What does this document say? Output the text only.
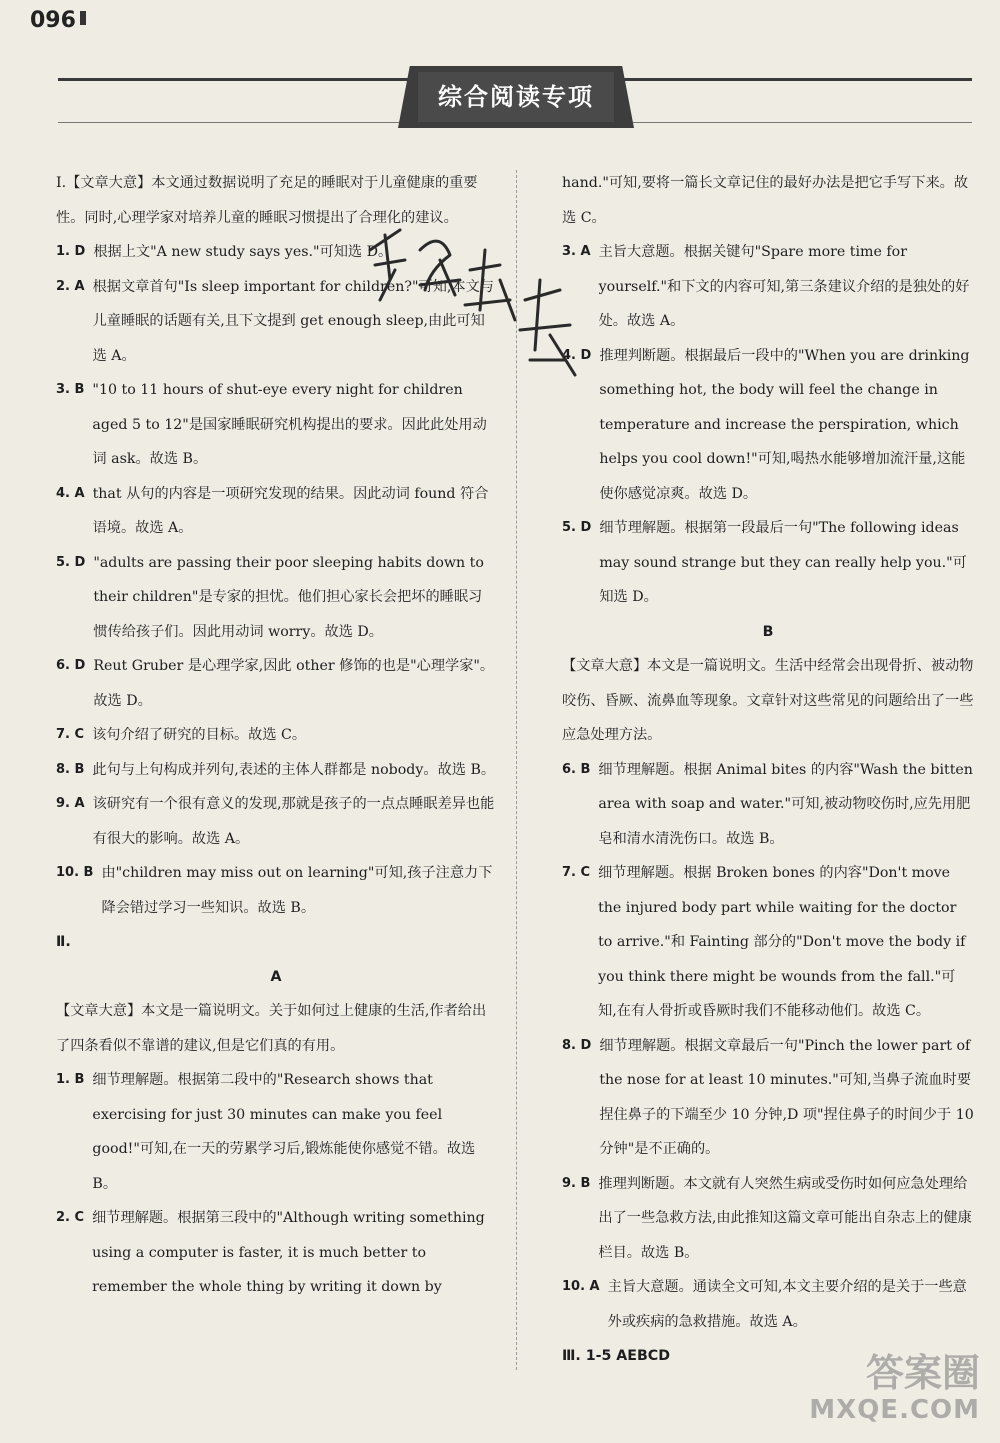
096
综合阅读专项

Ⅰ.【文章大意】本文通过数据说明了充足的睡眠对于儿童健康的重要性。同时,心理学家对培养儿童的睡眠习惯提出了合理化的建议。

1. D 根据上文"A new study says yes."可知选 D。
2. A 根据文章首句"Is sleep important for children?"可知,本文与儿童睡眠的话题有关,且下文提到 get enough sleep,由此可知选 A。
3. B "10 to 11 hours of shut-eye every night for children aged 5 to 12"是国家睡眠研究机构提出的要求。因此此处用动词 ask。故选 B。
4. A that 从句的内容是一项研究发现的结果。因此动词 found 符合语境。故选 A。
5. D "adults are passing their poor sleeping habits down to their children"是专家的担忧。他们担心家长会把坏的睡眠习惯传给孩子们。因此用动词 worry。故选 D。
6. D Reut Gruber 是心理学家,因此 other 修饰的也是"心理学家"。故选 D。
7. C 该句介绍了研究的目标。故选 C。
8. B 此句与上句构成并列句,表述的主体人群都是 nobody。故选 B。
9. A 该研究有一个很有意义的发现,那就是孩子的一点点睡眠差异也能有很大的影响。故选 A。
10. B 由"children may miss out on learning"可知,孩子注意力下降会错过学习一些知识。故选 B。

Ⅱ.

A

【文章大意】本文是一篇说明文。关于如何过上健康的生活,作者给出了四条看似不靠谱的建议,但是它们真的有用。

1. B 细节理解题。根据第二段中的"Research shows that exercising for just 30 minutes can make you feel good!"可知,在一天的劳累学习后,锻炼能使你感觉不错。故选 B。
2. C 细节理解题。根据第三段中的"Although writing something using a computer is faster, it is much better to remember the whole thing by writing it down by

hand."可知,要将一篇长文章记住的最好办法是把它手写下来。故选 C。

3. A 主旨大意题。根据关键句"Spare more time for yourself."和下文的内容可知,第三条建议介绍的是独处的好处。故选 A。
4. D 推理判断题。根据最后一段中的"When you are drinking something hot, the body will feel the change in temperature and increase the perspiration, which helps you cool down!"可知,喝热水能够增加流汗量,这能使你感觉凉爽。故选 D。
5. D 细节理解题。根据第一段最后一句"The following ideas may sound strange but they can really help you."可知选 D。

B

【文章大意】本文是一篇说明文。生活中经常会出现骨折、被动物咬伤、昏厥、流鼻血等现象。文章针对这些常见的问题给出了一些应急处理方法。

6. B 细节理解题。根据 Animal bites 的内容"Wash the bitten area with soap and water."可知,被动物咬伤时,应先用肥皂和清水清洗伤口。故选 B。
7. C 细节理解题。根据 Broken bones 的内容"Don't move the injured body part while waiting for the doctor to arrive."和 Fainting 部分的"Don't move the body if you think there might be wounds from the fall."可知,在有人骨折或昏厥时我们不能移动他们。故选 C。
8. D 细节理解题。根据文章最后一句"Pinch the lower part of the nose for at least 10 minutes."可知,当鼻子流血时要捏住鼻子的下端至少 10 分钟,D 项"捏住鼻子的时间少于 10 分钟"是不正确的。
9. B 推理判断题。本文就有人突然生病或受伤时如何应急处理给出了一些急救方法,由此推知这篇文章可能出自杂志上的健康栏目。故选 B。
10. A 主旨大意题。通读全文可知,本文主要介绍的是关于一些意外或疾病的急救措施。故选 A。

Ⅲ. 1-5 AEBCD	答案圈
MXQE.COM
